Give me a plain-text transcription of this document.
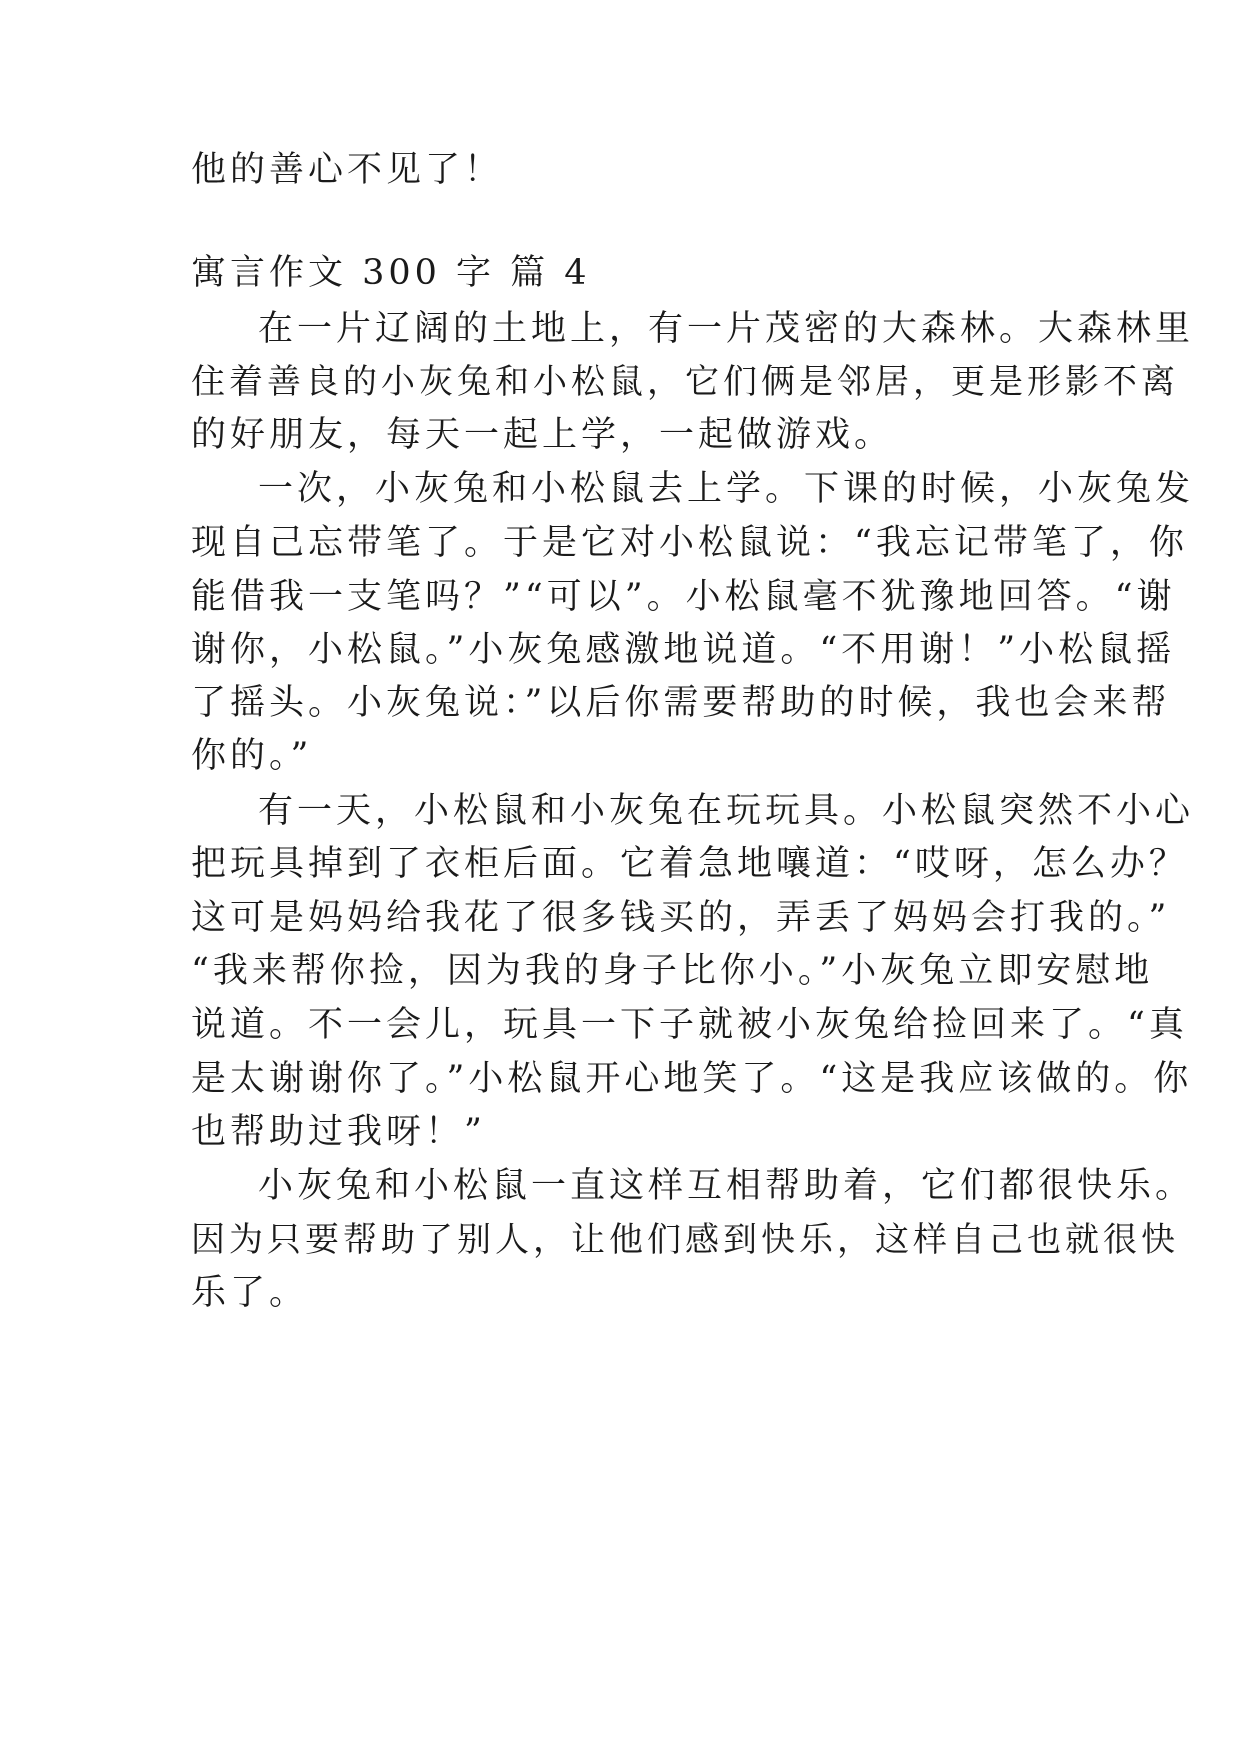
他的善心不见了！
寓言作文 300 字 篇 4
在一片辽阔的土地上，有一片茂密的大森林。大森林里
住着善良的小灰兔和小松鼠，它们俩是邻居，更是形影不离
的好朋友，每天一起上学，一起做游戏。
一次，小灰兔和小松鼠去上学。下课的时候，小灰兔发
现自己忘带笔了。于是它对小松鼠说：“我忘记带笔了，你
能借我一支笔吗？”“可以”。小松鼠毫不犹豫地回答。“谢
谢你，小松鼠。”小灰兔感激地说道。“不用谢！”小松鼠摇
了摇头。小灰兔说：”以后你需要帮助的时候，我也会来帮
你的。”
有一天，小松鼠和小灰兔在玩玩具。小松鼠突然不小心
把玩具掉到了衣柜后面。它着急地嚷道：“哎呀，怎么办？
这可是妈妈给我花了很多钱买的，弄丢了妈妈会打我的。”
“我来帮你捡，因为我的身子比你小。”小灰兔立即安慰地
说道。不一会儿，玩具一下子就被小灰兔给捡回来了。“真
是太谢谢你了。”小松鼠开心地笑了。“这是我应该做的。你
也帮助过我呀！”
小灰兔和小松鼠一直这样互相帮助着，它们都很快乐。
因为只要帮助了别人，让他们感到快乐，这样自己也就很快
乐了。
